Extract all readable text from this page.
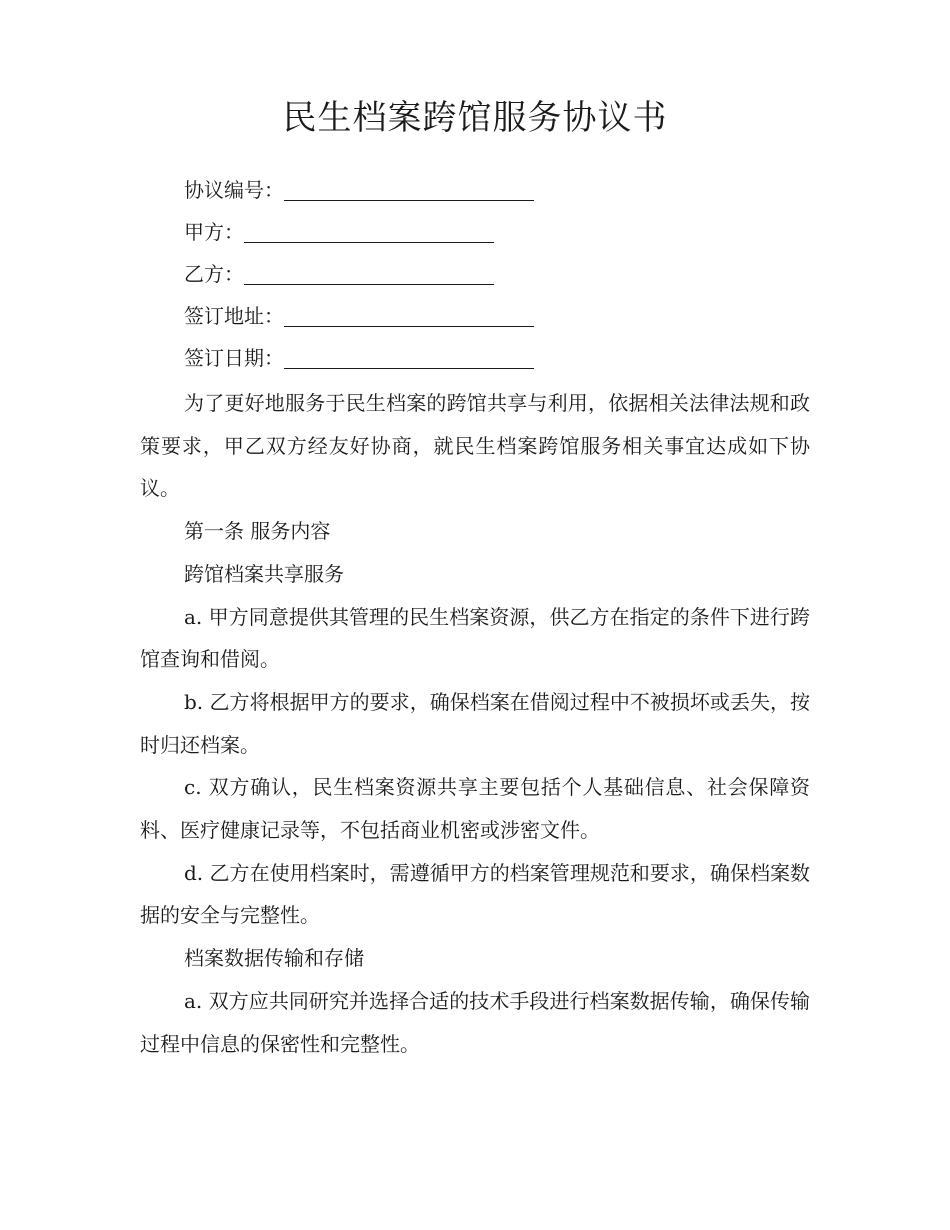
民生档案跨馆服务协议书
协议编号：
甲方：
乙方：
签订地址：
签订日期：

为了更好地服务于民生档案的跨馆共享与利用，依据相关法律法规和政策要求，甲乙双方经友好协商，就民生档案跨馆服务相关事宜达成如下协议。

第一条 服务内容

跨馆档案共享服务

a. 甲方同意提供其管理的民生档案资源，供乙方在指定的条件下进行跨馆查询和借阅。

b. 乙方将根据甲方的要求，确保档案在借阅过程中不被损坏或丢失，按时归还档案。

c. 双方确认，民生档案资源共享主要包括个人基础信息、社会保障资料、医疗健康记录等，不包括商业机密或涉密文件。

d. 乙方在使用档案时，需遵循甲方的档案管理规范和要求，确保档案数据的安全与完整性。

档案数据传输和存储

a. 双方应共同研究并选择合适的技术手段进行档案数据传输，确保传输过程中信息的保密性和完整性。
